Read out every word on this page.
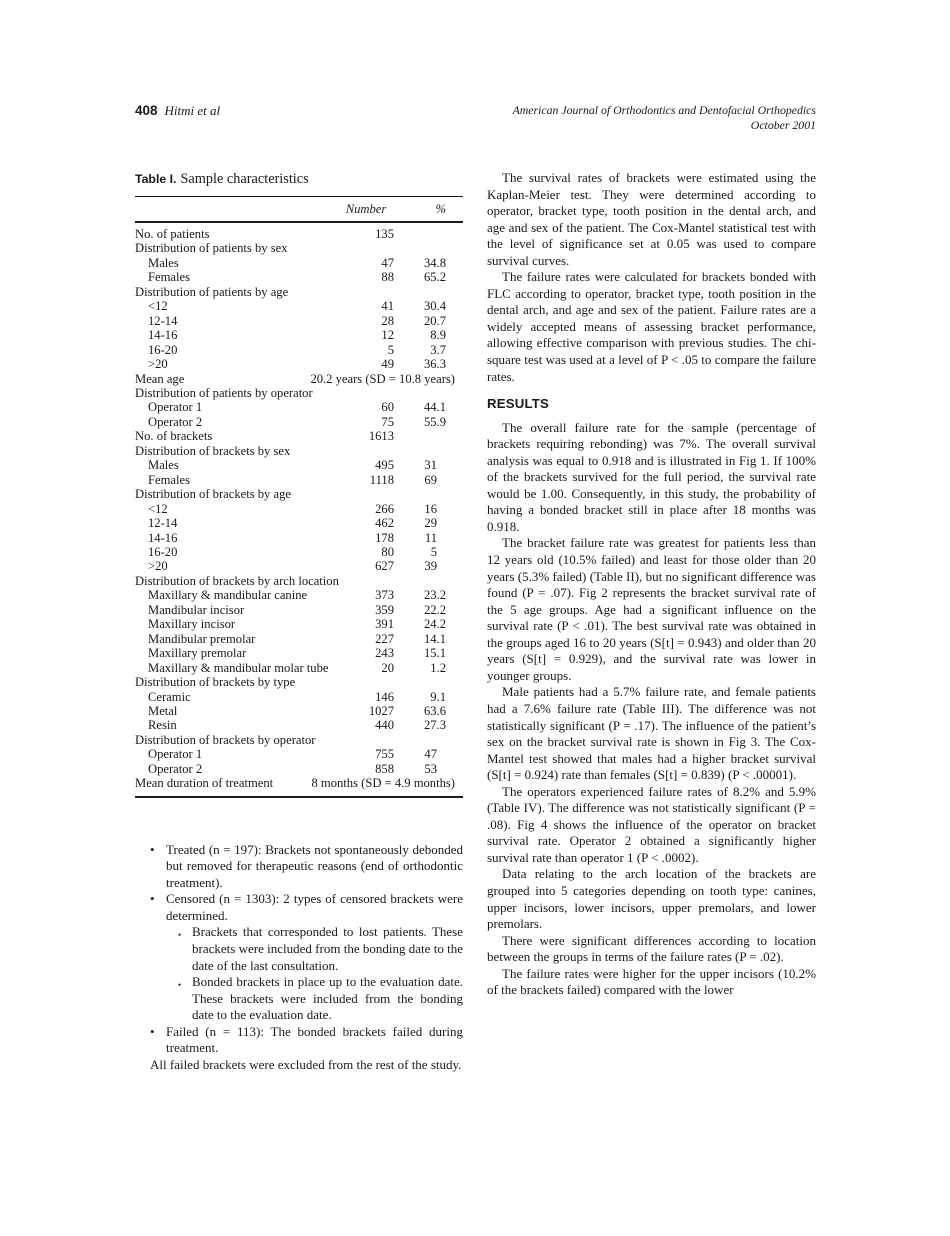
408 Hitmi et al	American Journal of Orthodontics and Dentofacial Orthopedics
October 2001

Table I. Sample characteristics

Number	%
No. of patients	135
Distribution of patients by sex
Males	47	34.8
Females	88	65.2
Distribution of patients by age
<12	41	30.4
12-14	28	20.7
14-16	12	8.9
16-20	5	3.7
>20	49	36.3
Mean age	20.2 years (SD = 10.8 years)
Distribution of patients by operator
Operator 1	60	44.1
Operator 2	75	55.9
No. of brackets	1613
Distribution of brackets by sex
Males	495	31
Females	1118	69
Distribution of brackets by age
<12	266	16
12-14	462	29
14-16	178	11
16-20	80	5
>20	627	39
Distribution of brackets by arch location
Maxillary & mandibular canine	373	23.2
Mandibular incisor	359	22.2
Maxillary incisor	391	24.2
Mandibular premolar	227	14.1
Maxillary premolar	243	15.1
Maxillary & mandibular molar tube	20	1.2
Distribution of brackets by type
Ceramic	146	9.1
Metal	1027	63.6
Resin	440	27.3
Distribution of brackets by operator
Operator 1	755	47
Operator 2	858	53
Mean duration of treatment	8 months (SD = 4.9 months)
• Treated (n = 197): Brackets not spontaneously debonded but removed for therapeutic reasons (end of orthodontic treatment).
• Censored (n = 1303): 2 types of censored brackets were determined.
• Brackets that corresponded to lost patients. These brackets were included from the bonding date to the date of the last consultation.
• Bonded brackets in place up to the evaluation date. These brackets were included from the bonding date to the evaluation date.
• Failed (n = 113): The bonded brackets failed during treatment.

All failed brackets were excluded from the rest of the study.

The survival rates of brackets were estimated using the Kaplan-Meier test. They were determined according to operator, bracket type, tooth position in the dental arch, and age and sex of the patient. The Cox-Mantel statistical test with the level of significance set at 0.05 was used to compare survival curves.

The failure rates were calculated for brackets bonded with FLC according to operator, bracket type, tooth position in the dental arch, and age and sex of the patient. Failure rates are a widely accepted means of assessing bracket performance, allowing effective comparison with previous studies. The chi-square test was used at a level of P < .05 to compare the failure rates.

RESULTS

The overall failure rate for the sample (percentage of brackets requiring rebonding) was 7%. The overall survival analysis was equal to 0.918 and is illustrated in Fig 1. If 100% of the brackets survived for the full period, the survival rate would be 1.00. Consequently, in this study, the probability of having a bonded bracket still in place after 18 months was 0.918.

The bracket failure rate was greatest for patients less than 12 years old (10.5% failed) and least for those older than 20 years (5.3% failed) (Table II), but no significant difference was found (P = .07). Fig 2 represents the bracket survival rate of the 5 age groups. Age had a significant influence on the survival rate (P < .01). The best survival rate was obtained in the groups aged 16 to 20 years (S[t] = 0.943) and older than 20 years (S[t] = 0.929), and the survival rate was lower in younger groups.

Male patients had a 5.7% failure rate, and female patients had a 7.6% failure rate (Table III). The difference was not statistically significant (P = .17). The influence of the patient’s sex on the bracket survival rate is shown in Fig 3. The Cox-Mantel test showed that males had a higher bracket survival (S[t] = 0.924) rate than females (S[t] = 0.839) (P < .00001).

The operators experienced failure rates of 8.2% and 5.9% (Table IV). The difference was not statistically significant (P = .08). Fig 4 shows the influence of the operator on bracket survival rate. Operator 2 obtained a significantly higher survival rate than operator 1 (P < .0002).

Data relating to the arch location of the brackets are grouped into 5 categories depending on tooth type: canines, upper incisors, lower incisors, upper premolars, and lower premolars.

There were significant differences according to location between the groups in terms of the failure rates (P = .02).

The failure rates were higher for the upper incisors (10.2% of the brackets failed) compared with the lower
